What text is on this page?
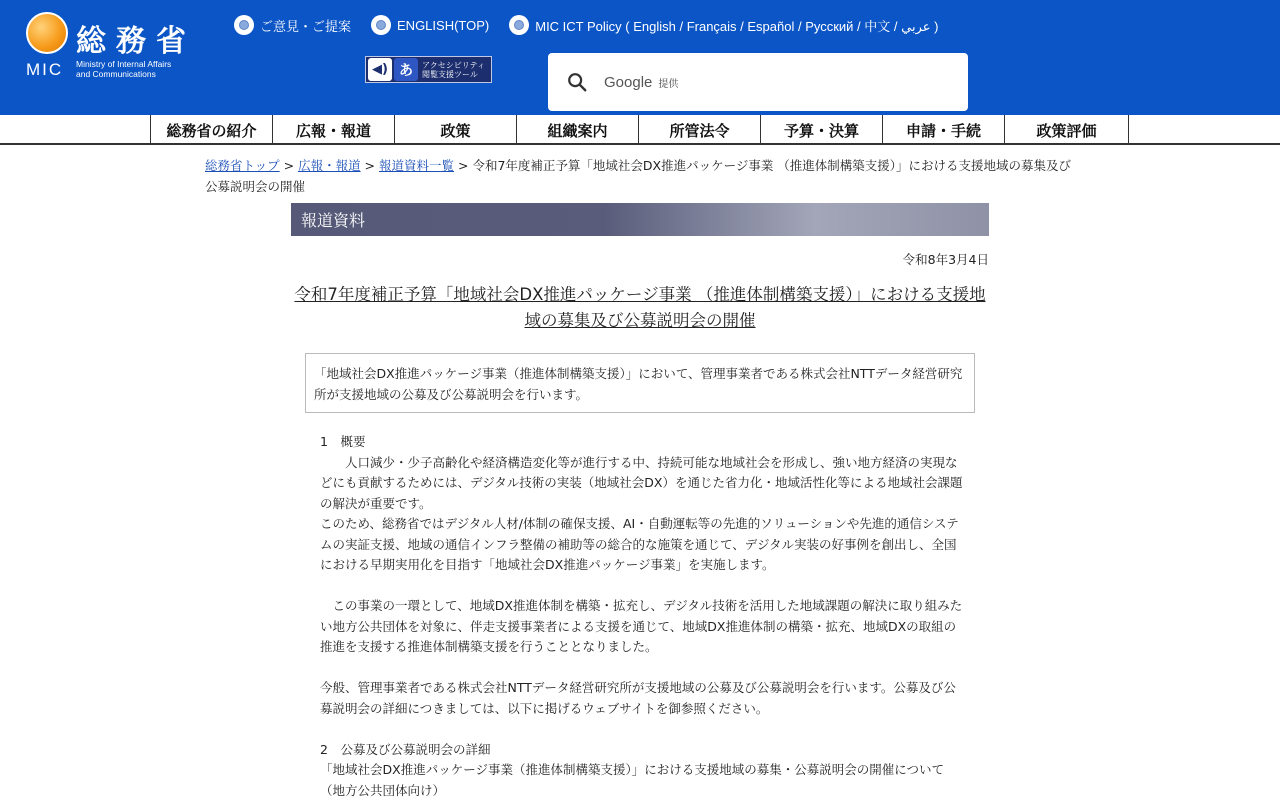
総務省
MIC Ministry of Internal Affairs
and Communications
ご意見・ご提案	ENGLISH(TOP)	MIC ICT Policy ( English / Français / Español / Русский / 中文 / عربي )
◀) あ	アクセシビリティ
閲覧支援ツール	Google 提供
総務省の紹介	広報・報道	政策	組織案内	所管法令	予算・決算	申請・手続	政策評価
総務省トップ > 広報・報道 > 報道資料一覧 > 令和7年度補正予算「地域社会DX推進パッケージ事業 （推進体制構築支援）」における支援地域の募集及び公募説明会の開催
報道資料
令和8年3月4日
令和7年度補正予算「地域社会DX推進パッケージ事業 （推進体制構築支援）」における支援地域の募集及び公募説明会の開催
「地域社会DX推進パッケージ事業（推進体制構築支援）」において、管理事業者である株式会社NTTデータ経営研究所が支援地域の公募及び公募説明会を行います。

1　概要

　　人口減少・少子高齢化や経済構造変化等が進行する中、持続可能な地域社会を形成し、強い地方経済の実現などにも貢献するためには、デジタル技術の実装（地域社会DX）を通じた省力化・地域活性化等による地域社会課題の解決が重要です。

このため、総務省ではデジタル人材/体制の確保支援、AI・自動運転等の先進的ソリューションや先進的通信システムの実証支援、地域の通信インフラ整備の補助等の総合的な施策を通じて、デジタル実装の好事例を創出し、全国における早期実用化を目指す「地域社会DX推進パッケージ事業」を実施します。

　この事業の一環として、地域DX推進体制を構築・拡充し、デジタル技術を活用した地域課題の解決に取り組みたい地方公共団体を対象に、伴走支援事業者による支援を通じて、地域DX推進体制の構築・拡充、地域DXの取組の推進を支援する推進体制構築支援を行うこととなりました。

今般、管理事業者である株式会社NTTデータ経営研究所が支援地域の公募及び公募説明会を行います。公募及び公募説明会の詳細につきましては、以下に掲げるウェブサイトを御参照ください。

2　公募及び公募説明会の詳細

「地域社会DX推進パッケージ事業（推進体制構築支援）」における支援地域の募集・公募説明会の開催について（地方公共団体向け）
